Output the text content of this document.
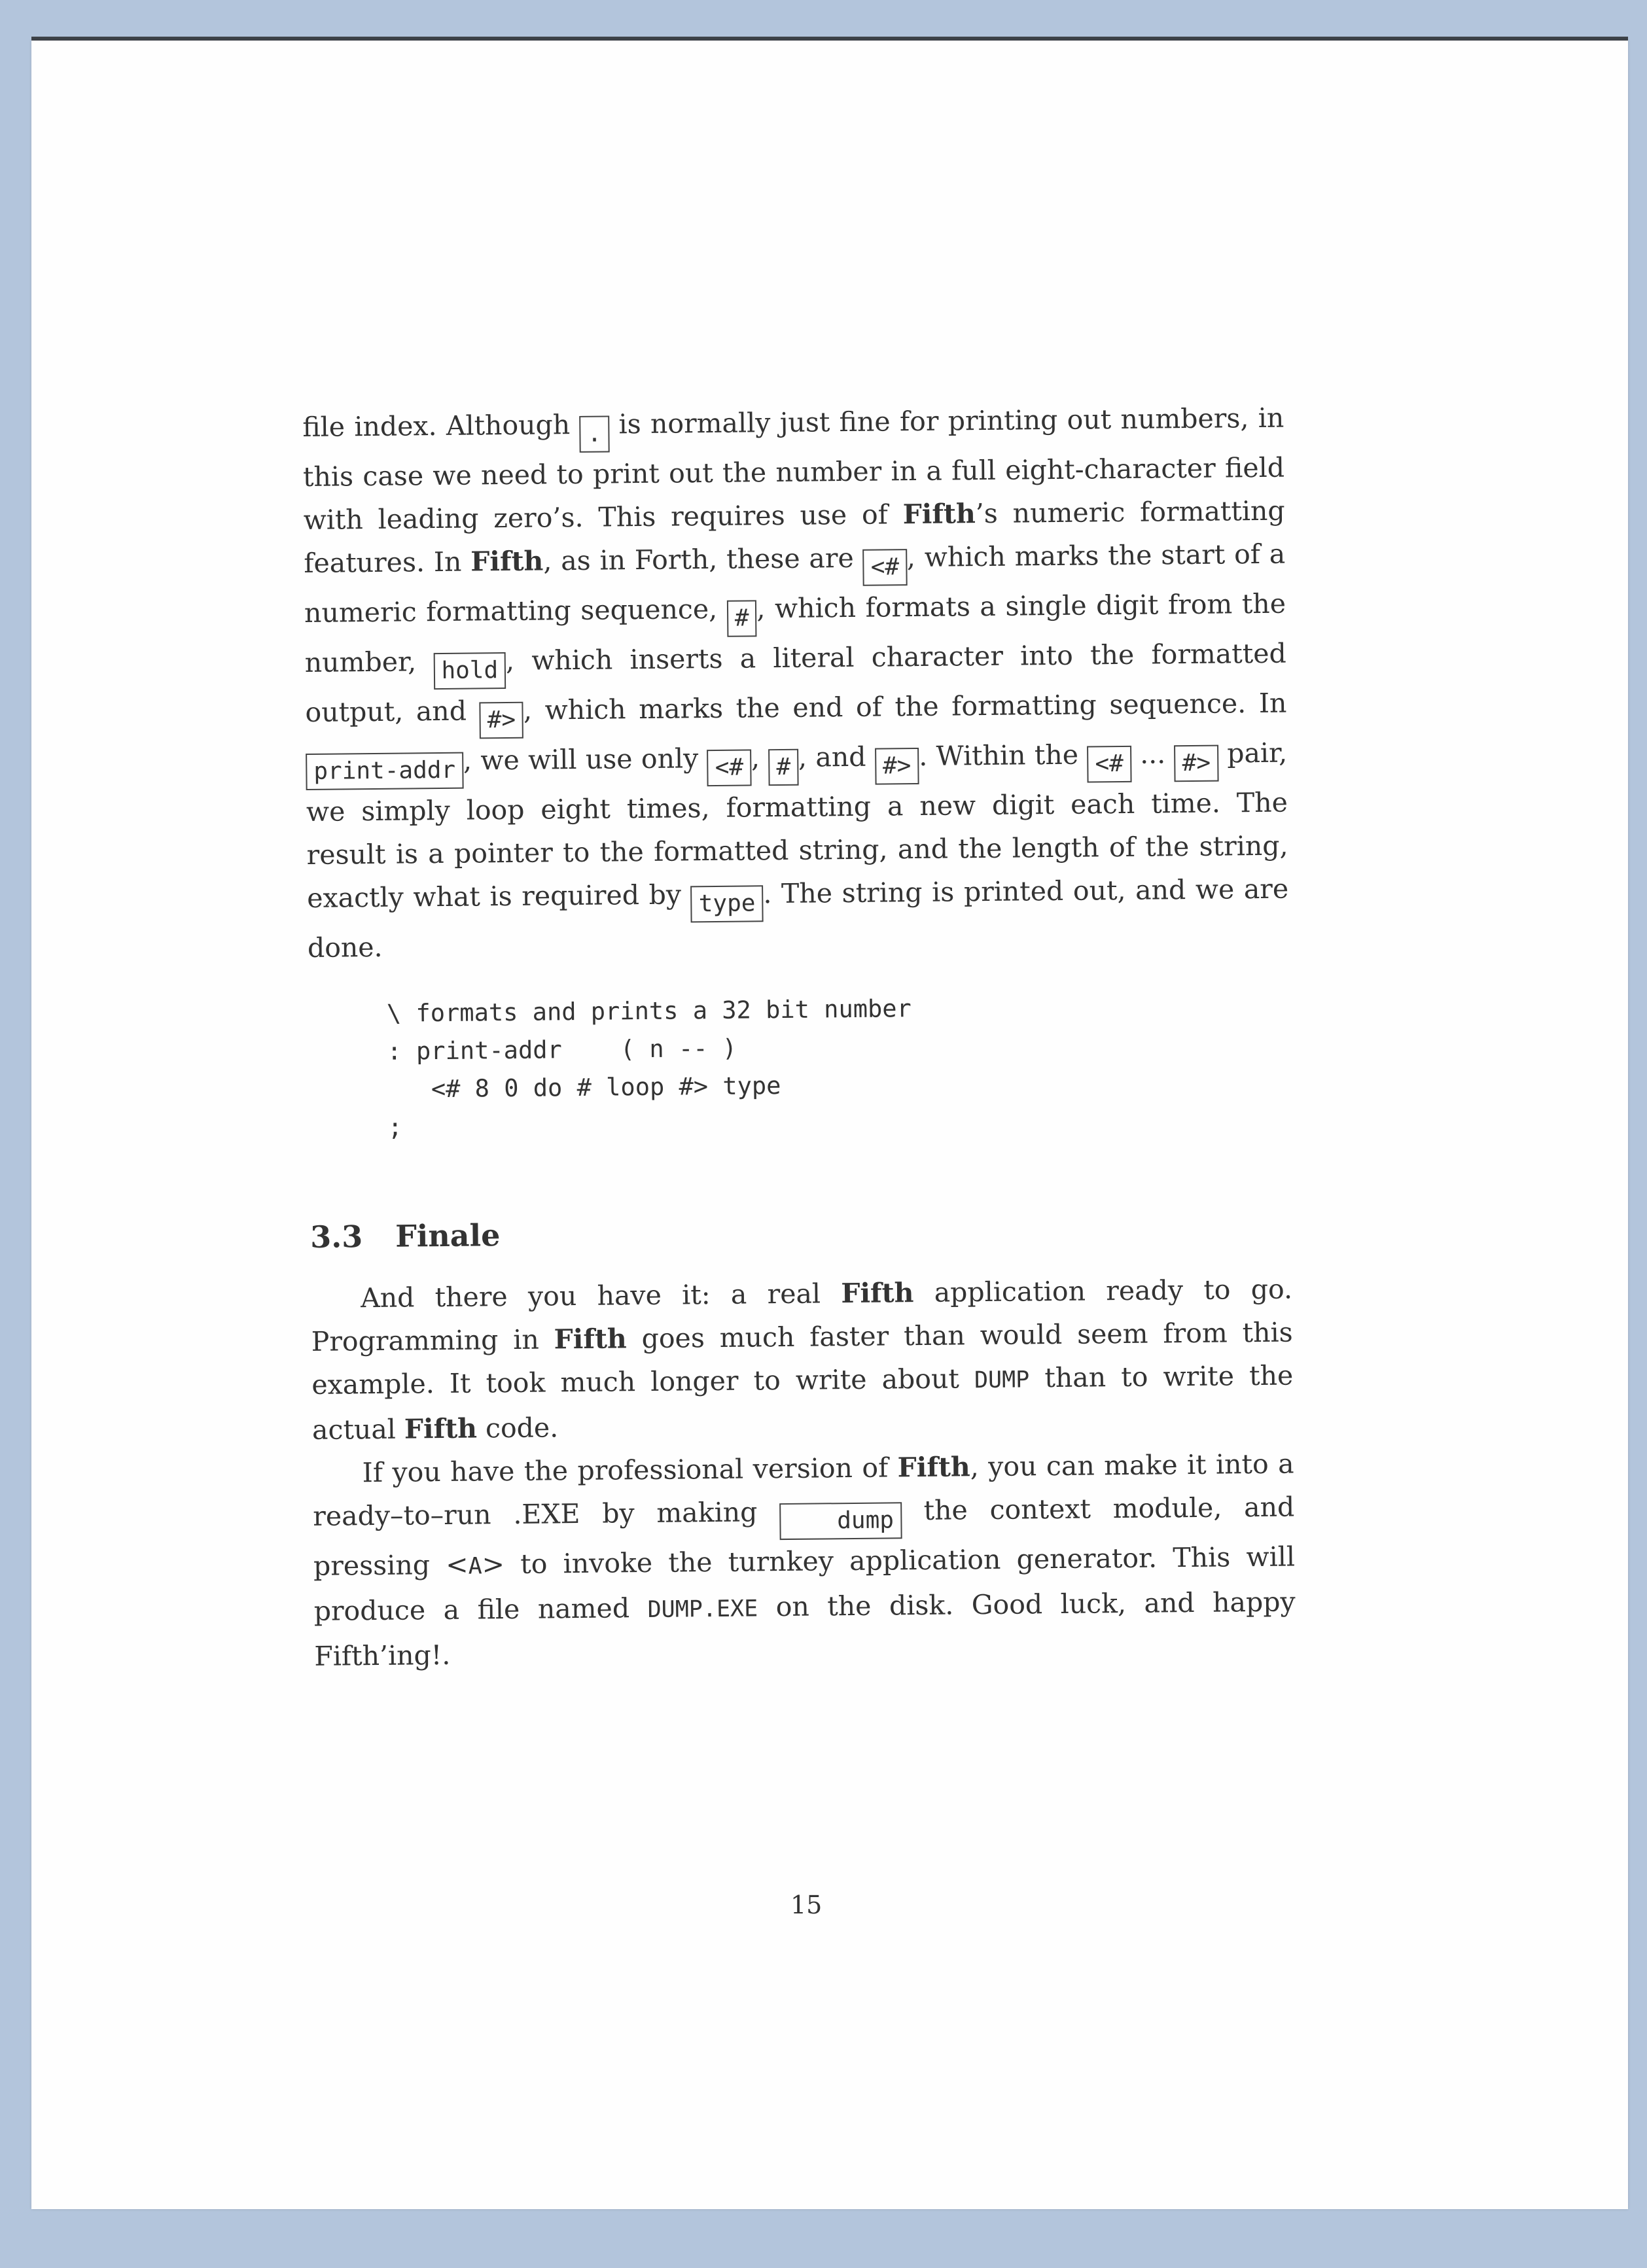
file index. Although . is normally just fine for printing out numbers, in this case we need to print out the number in a full eight-character field with leading zero’s. This requires use of Fifth’s numeric formatting features. In Fifth, as in Forth, these are <# , which marks the start of a numeric formatting sequence, # , which formats a single digit from the number, hold , which inserts a literal character into the formatted output, and #> , which marks the end of the formatting sequence. In print-addr , we will use only <# , # , and #> . Within the <# ... #> pair, we simply loop eight times, formatting a new digit each time. The result is a pointer to the formatted string, and the length of the string, exactly what is required by type . The string is printed out, and we are done.

\ formats and prints a 32 bit number
: print-addr    ( n -- )
<# 8 0 do # loop #> type
;
3.3 Finale

And there you have it: a real Fifth application ready to go. Programming in Fifth goes much faster than would seem from this example. It took much longer to write about DUMP than to write the actual Fifth code.

If you have the professional version of Fifth, you can make it into a ready–to–run .EXE by making dump the context module, and pressing <A> to invoke the turnkey application generator. This will produce a file named DUMP.EXE on the disk. Good luck, and happy Fifth’ing!.

15
